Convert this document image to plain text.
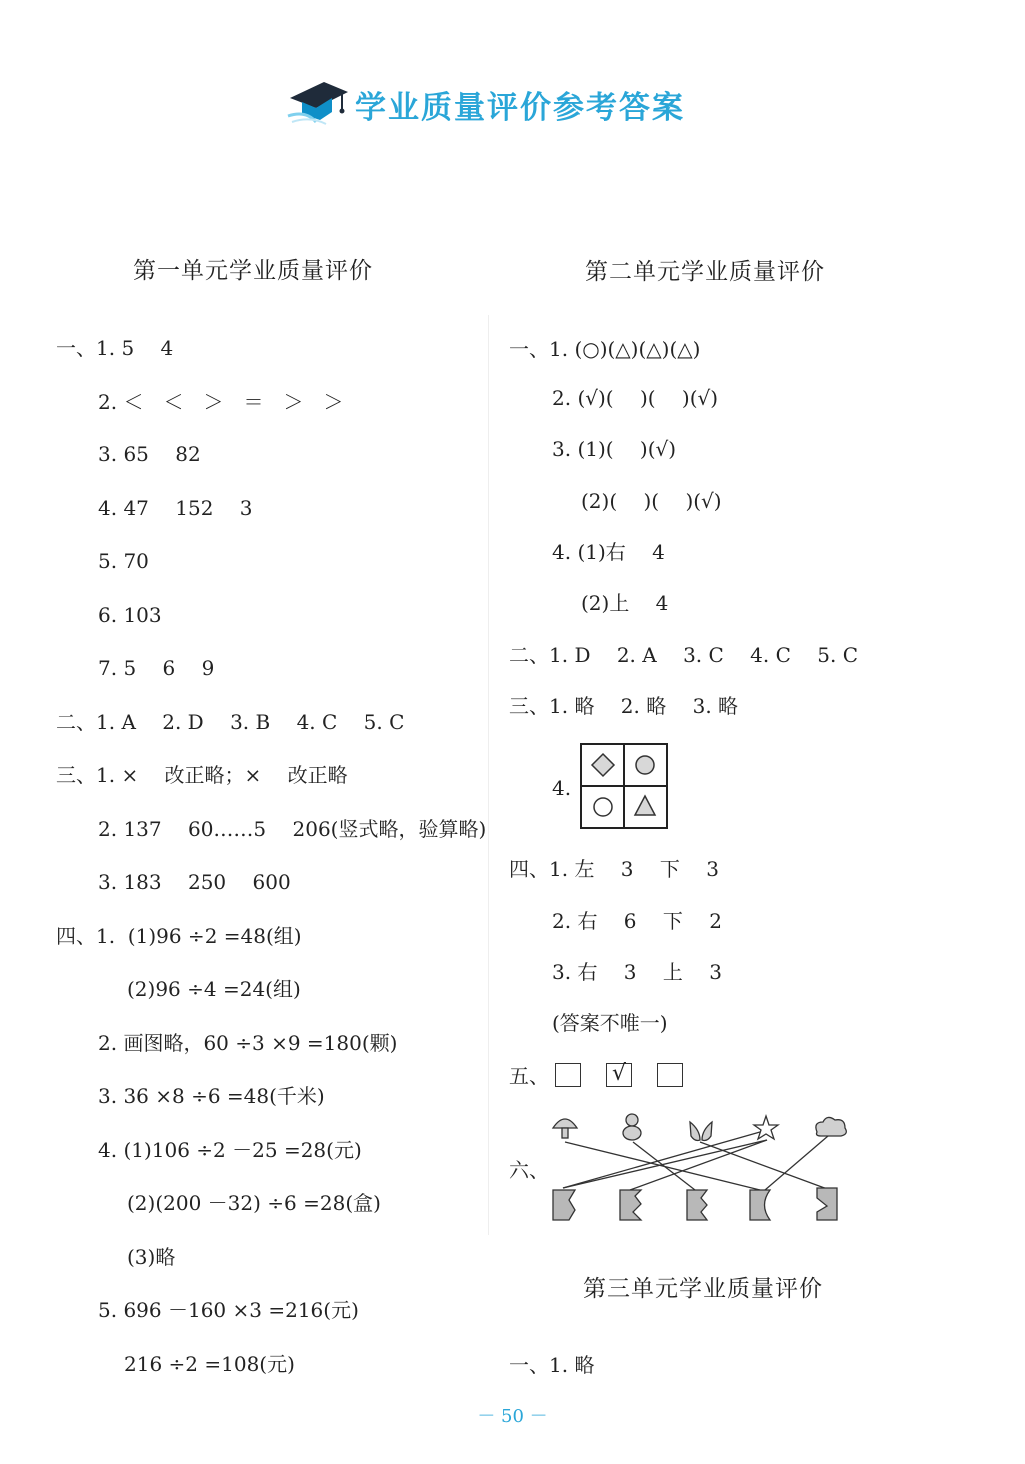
学业质量评价参考答案
第一单元学业质量评价
一、1. 5　 4
2. ＜　＜　＞　＝　＞　＞
3. 65　 82
4. 47　 152　 3
5. 70
6. 103
7. 5　 6　 9
二、1. A　 2. D　 3. B　 4. C　 5. C
三、1. ×　 改正略；×　 改正略
2. 137　 60……5　 206(竖式略，验算略)
3. 183　 250　 600
四、1.  (1)96 ÷2 =48(组)
(2)96 ÷4 =24(组)
2. 画图略，60 ÷3 ×9 =180(颗)
3. 36 ×8 ÷6 =48(千米)
4. (1)106 ÷2 －25 =28(元)
(2)(200 －32) ÷6 =28(盒)
(3)略
5. 696 －160 ×3 =216(元)
216 ÷2 =108(元)
第二单元学业质量评价
一、1. (○)(△)(△)(△)
2. (√)(　 )(　 )(√)
3. (1)(　 )(√)
(2)(　 )(　 )(√)
4. (1)右　 4
(2)上　 4
二、1. D　 2. A　 3. C　 4. C　 5. C
三、1. 略　 2. 略　 3. 略
4.
四、1. 左　 3　 下　 3
2. 右　 6　 下　 2
3. 右　 3　 上　 3
(答案不唯一)
五、	√
六、
第三单元学业质量评价
一、1. 略
－ 50 －
